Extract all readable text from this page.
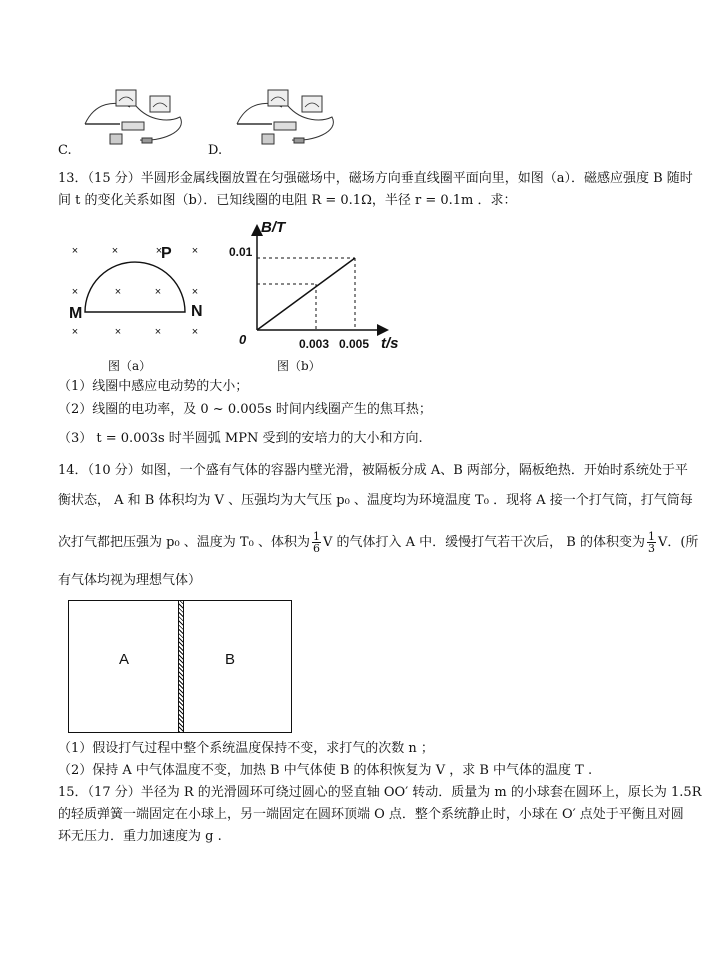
C.	D.
13．（15 分）半圆形金属线圈放置在匀强磁场中，磁场方向垂直线圈平面向里，如图（a）．磁感应强度 B 随时
间 t 的变化关系如图（b）．已知线圈的电阻 R = 0.1Ω，半径 r = 0.1m ．求：
×	×	×	×
×	×	×	×
×	×	×	×
P
M	N
图（a）
B/T
0.01
0	0.003 0.005 t/s
图（b）
（1）线圈中感应电动势的大小；
（2）线圈的电功率，及 0 ~ 0.005s 时间内线圈产生的焦耳热；
（3） t = 0.003s 时半圆弧 MPN 受到的安培力的大小和方向.
14．（10 分）如图，一个盛有气体的容器内壁光滑，被隔板分成 A、B 两部分，隔板绝热．开始时系统处于平
衡状态， A 和 B 体积均为 V 、压强均为大气压 p₀ 、温度均为环境温度 T₀ ．现将 A 接一个打气筒，打气筒每
次打气都把压强为 p₀ 、温度为 T₀ 、体积为 $\frac{1}{6}$ V 的气体打入 A 中．缓慢打气若干次后， B 的体积变为 $\frac{1}{3}$ V．(所
有气体均视为理想气体）
A	B
（1）假设打气过程中整个系统温度保持不变，求打气的次数 n ；
（2）保持 A 中气体温度不变，加热 B 中气体使 B 的体积恢复为 V ，求 B 中气体的温度 T .
15．（17 分）半径为 R 的光滑圆环可绕过圆心的竖直轴 OO′ 转动．质量为 m 的小球套在圆环上，原长为 1.5R
的轻质弹簧一端固定在小球上，另一端固定在圆环顶端 O 点．整个系统静止时，小球在 O′ 点处于平衡且对圆
环无压力．重力加速度为 g .
